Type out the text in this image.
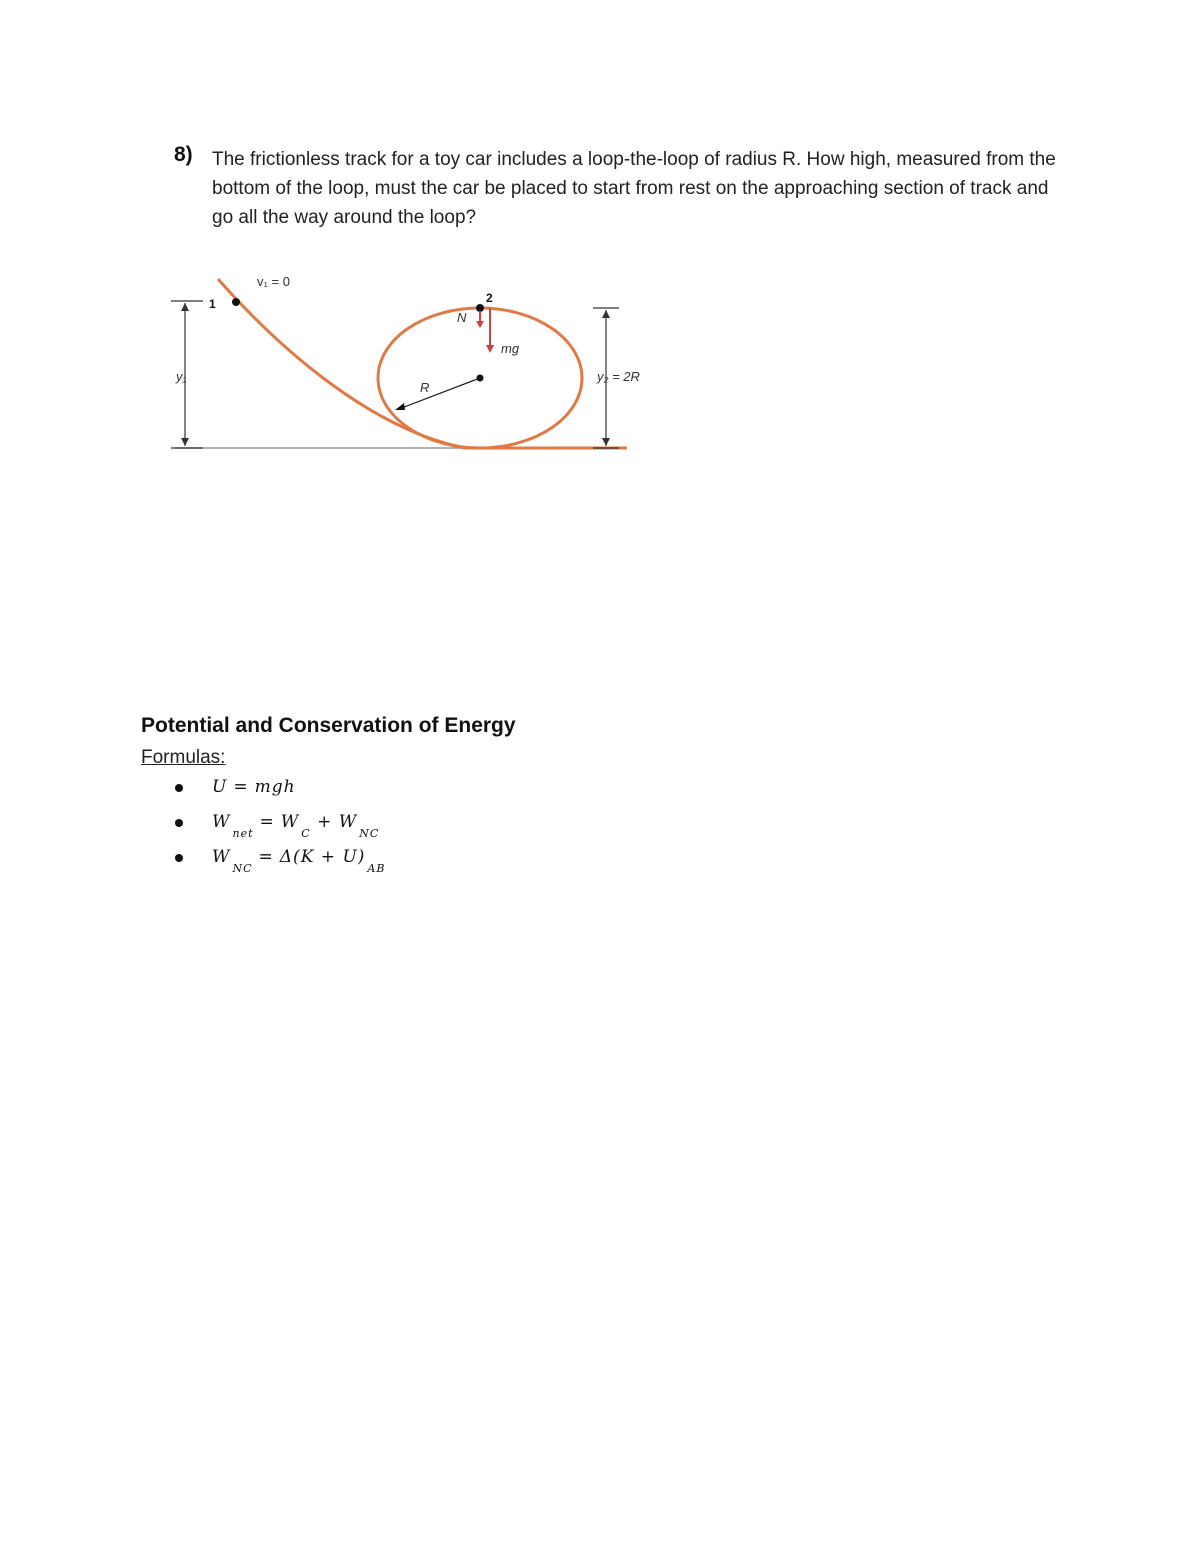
8) The frictionless track for a toy car includes a loop-the-loop of radius R. How high, measured from the bottom of the loop, must the car be placed to start from rest on the approaching section of track and go all the way around the loop?
v₁ = 0
1	2
N
mg
R
y₁	y₂ = 2R
Potential and Conservation of Energy
Formulas:
U = mgh
$W_{net}= W_C + W_{NC}$
$W_{NC}= \Delta(K + U)_{AB}$
